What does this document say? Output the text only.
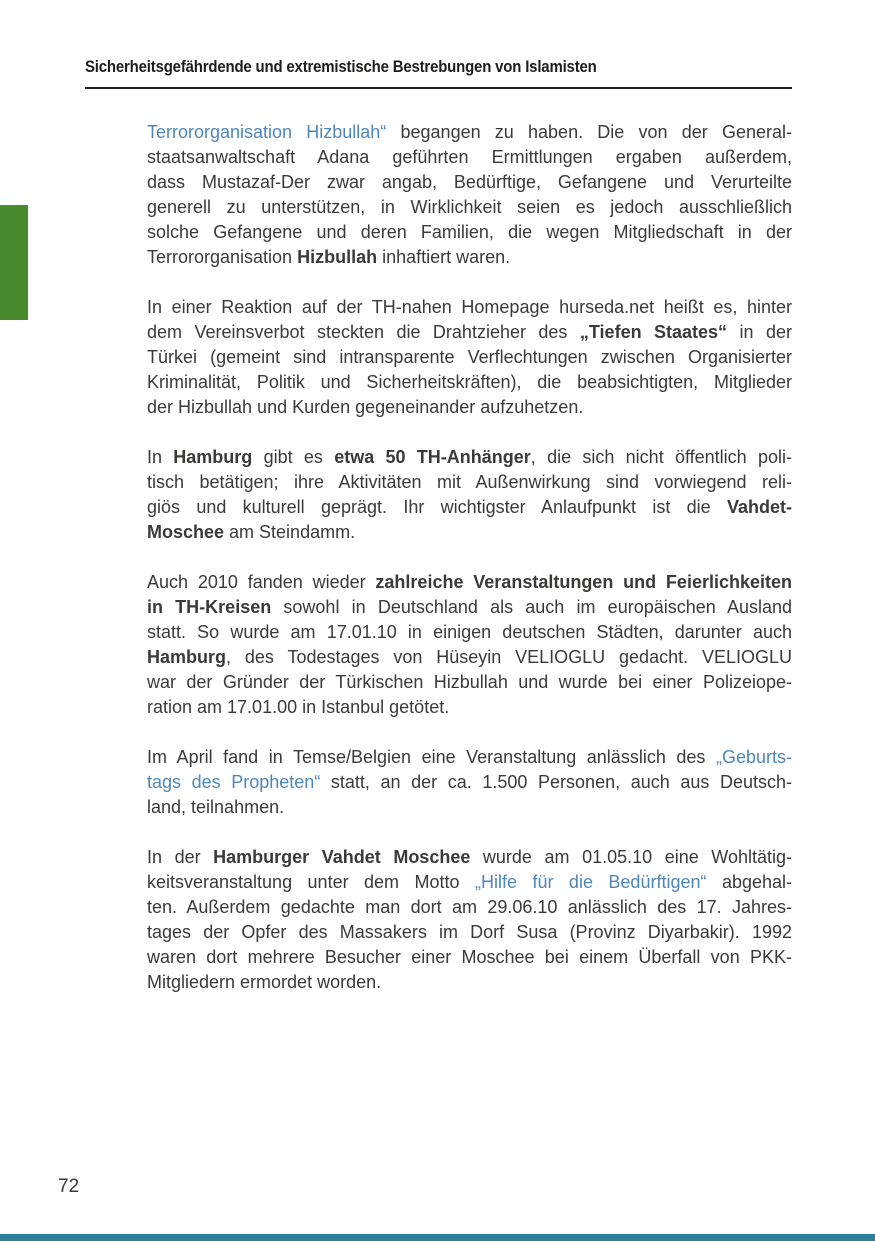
Sicherheitsgefährdende und extremistische Bestrebungen von Islamisten

Terrororganisation Hizbullah“ begangen zu haben. Die von der General-
staatsanwaltschaft Adana geführten Ermittlungen ergaben außerdem,
dass Mustazaf-Der zwar angab, Bedürftige, Gefangene und Verurteilte
generell zu unterstützen, in Wirklichkeit seien es jedoch ausschließlich
solche Gefangene und deren Familien, die wegen Mitgliedschaft in der
Terrororganisation Hizbullah inhaftiert waren.

In einer Reaktion auf der TH-nahen Homepage hurseda.net heißt es, hinter
dem Vereinsverbot steckten die Drahtzieher des „Tiefen Staates“ in der
Türkei (gemeint sind intransparente Verflechtungen zwischen Organisierter
Kriminalität, Politik und Sicherheitskräften), die beabsichtigten, Mitglieder
der Hizbullah und Kurden gegeneinander aufzuhetzen.

In Hamburg gibt es etwa 50 TH-Anhänger, die sich nicht öffentlich poli-
tisch betätigen; ihre Aktivitäten mit Außenwirkung sind vorwiegend reli-
giös und kulturell geprägt. Ihr wichtigster Anlaufpunkt ist die Vahdet-
Moschee am Steindamm.

Auch 2010 fanden wieder zahlreiche Veranstaltungen und Feierlichkeiten
in TH-Kreisen sowohl in Deutschland als auch im europäischen Ausland
statt. So wurde am 17.01.10 in einigen deutschen Städten, darunter auch
Hamburg, des Todestages von Hüseyin VELIOGLU gedacht. VELIOGLU
war der Gründer der Türkischen Hizbullah und wurde bei einer Polizeiope-
ration am 17.01.00 in Istanbul getötet.

Im April fand in Temse/Belgien eine Veranstaltung anlässlich des „Geburts-
tags des Propheten“ statt, an der ca. 1.500 Personen, auch aus Deutsch-
land, teilnahmen.

In der Hamburger Vahdet Moschee wurde am 01.05.10 eine Wohltätig-
keitsveranstaltung unter dem Motto „Hilfe für die Bedürftigen“ abgehal-
ten. Außerdem gedachte man dort am 29.06.10 anlässlich des 17. Jahres-
tages der Opfer des Massakers im Dorf Susa (Provinz Diyarbakir). 1992
waren dort mehrere Besucher einer Moschee bei einem Überfall von PKK-
Mitgliedern ermordet worden.

72
